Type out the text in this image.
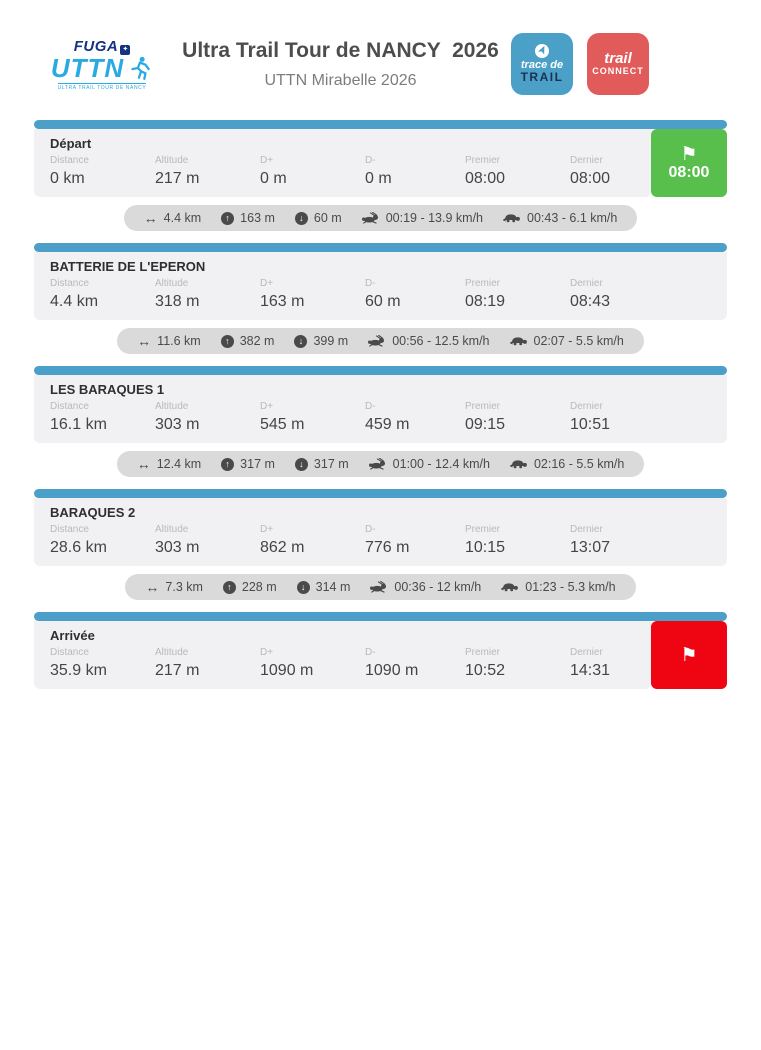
FUGA ✦
UTTN
ULTRA TRAIL TOUR DE NANCY
Ultra Trail Tour de NANCY  2026
UTTN Mirabelle 2026
trace de
TRAIL
trail
CONNECT
Départ
Distance
0 km
Altitude
217 m
D+
0 m
D-
0 m
Premier
08:00
Dernier
08:00
⚑
08:00
↔ 4.4 km	↑ 163 m	↓ 60 m	00:19 - 13.9 km/h	00:43 - 6.1 km/h
BATTERIE DE L'EPERON
Distance
4.4 km
Altitude
318 m
D+
163 m
D-
60 m
Premier
08:19
Dernier
08:43
↔ 11.6 km	↑ 382 m	↓ 399 m	00:56 - 12.5 km/h	02:07 - 5.5 km/h
LES BARAQUES 1
Distance
16.1 km
Altitude
303 m
D+
545 m
D-
459 m
Premier
09:15
Dernier
10:51
↔ 12.4 km	↑ 317 m	↓ 317 m	01:00 - 12.4 km/h	02:16 - 5.5 km/h
BARAQUES 2
Distance
28.6 km
Altitude
303 m
D+
862 m
D-
776 m
Premier
10:15
Dernier
13:07
↔ 7.3 km	↑ 228 m	↓ 314 m	00:36 - 12 km/h	01:23 - 5.3 km/h
Arrivée
Distance
35.9 km
Altitude
217 m
D+
1090 m
D-
1090 m
Premier
10:52
Dernier
14:31
⚑
